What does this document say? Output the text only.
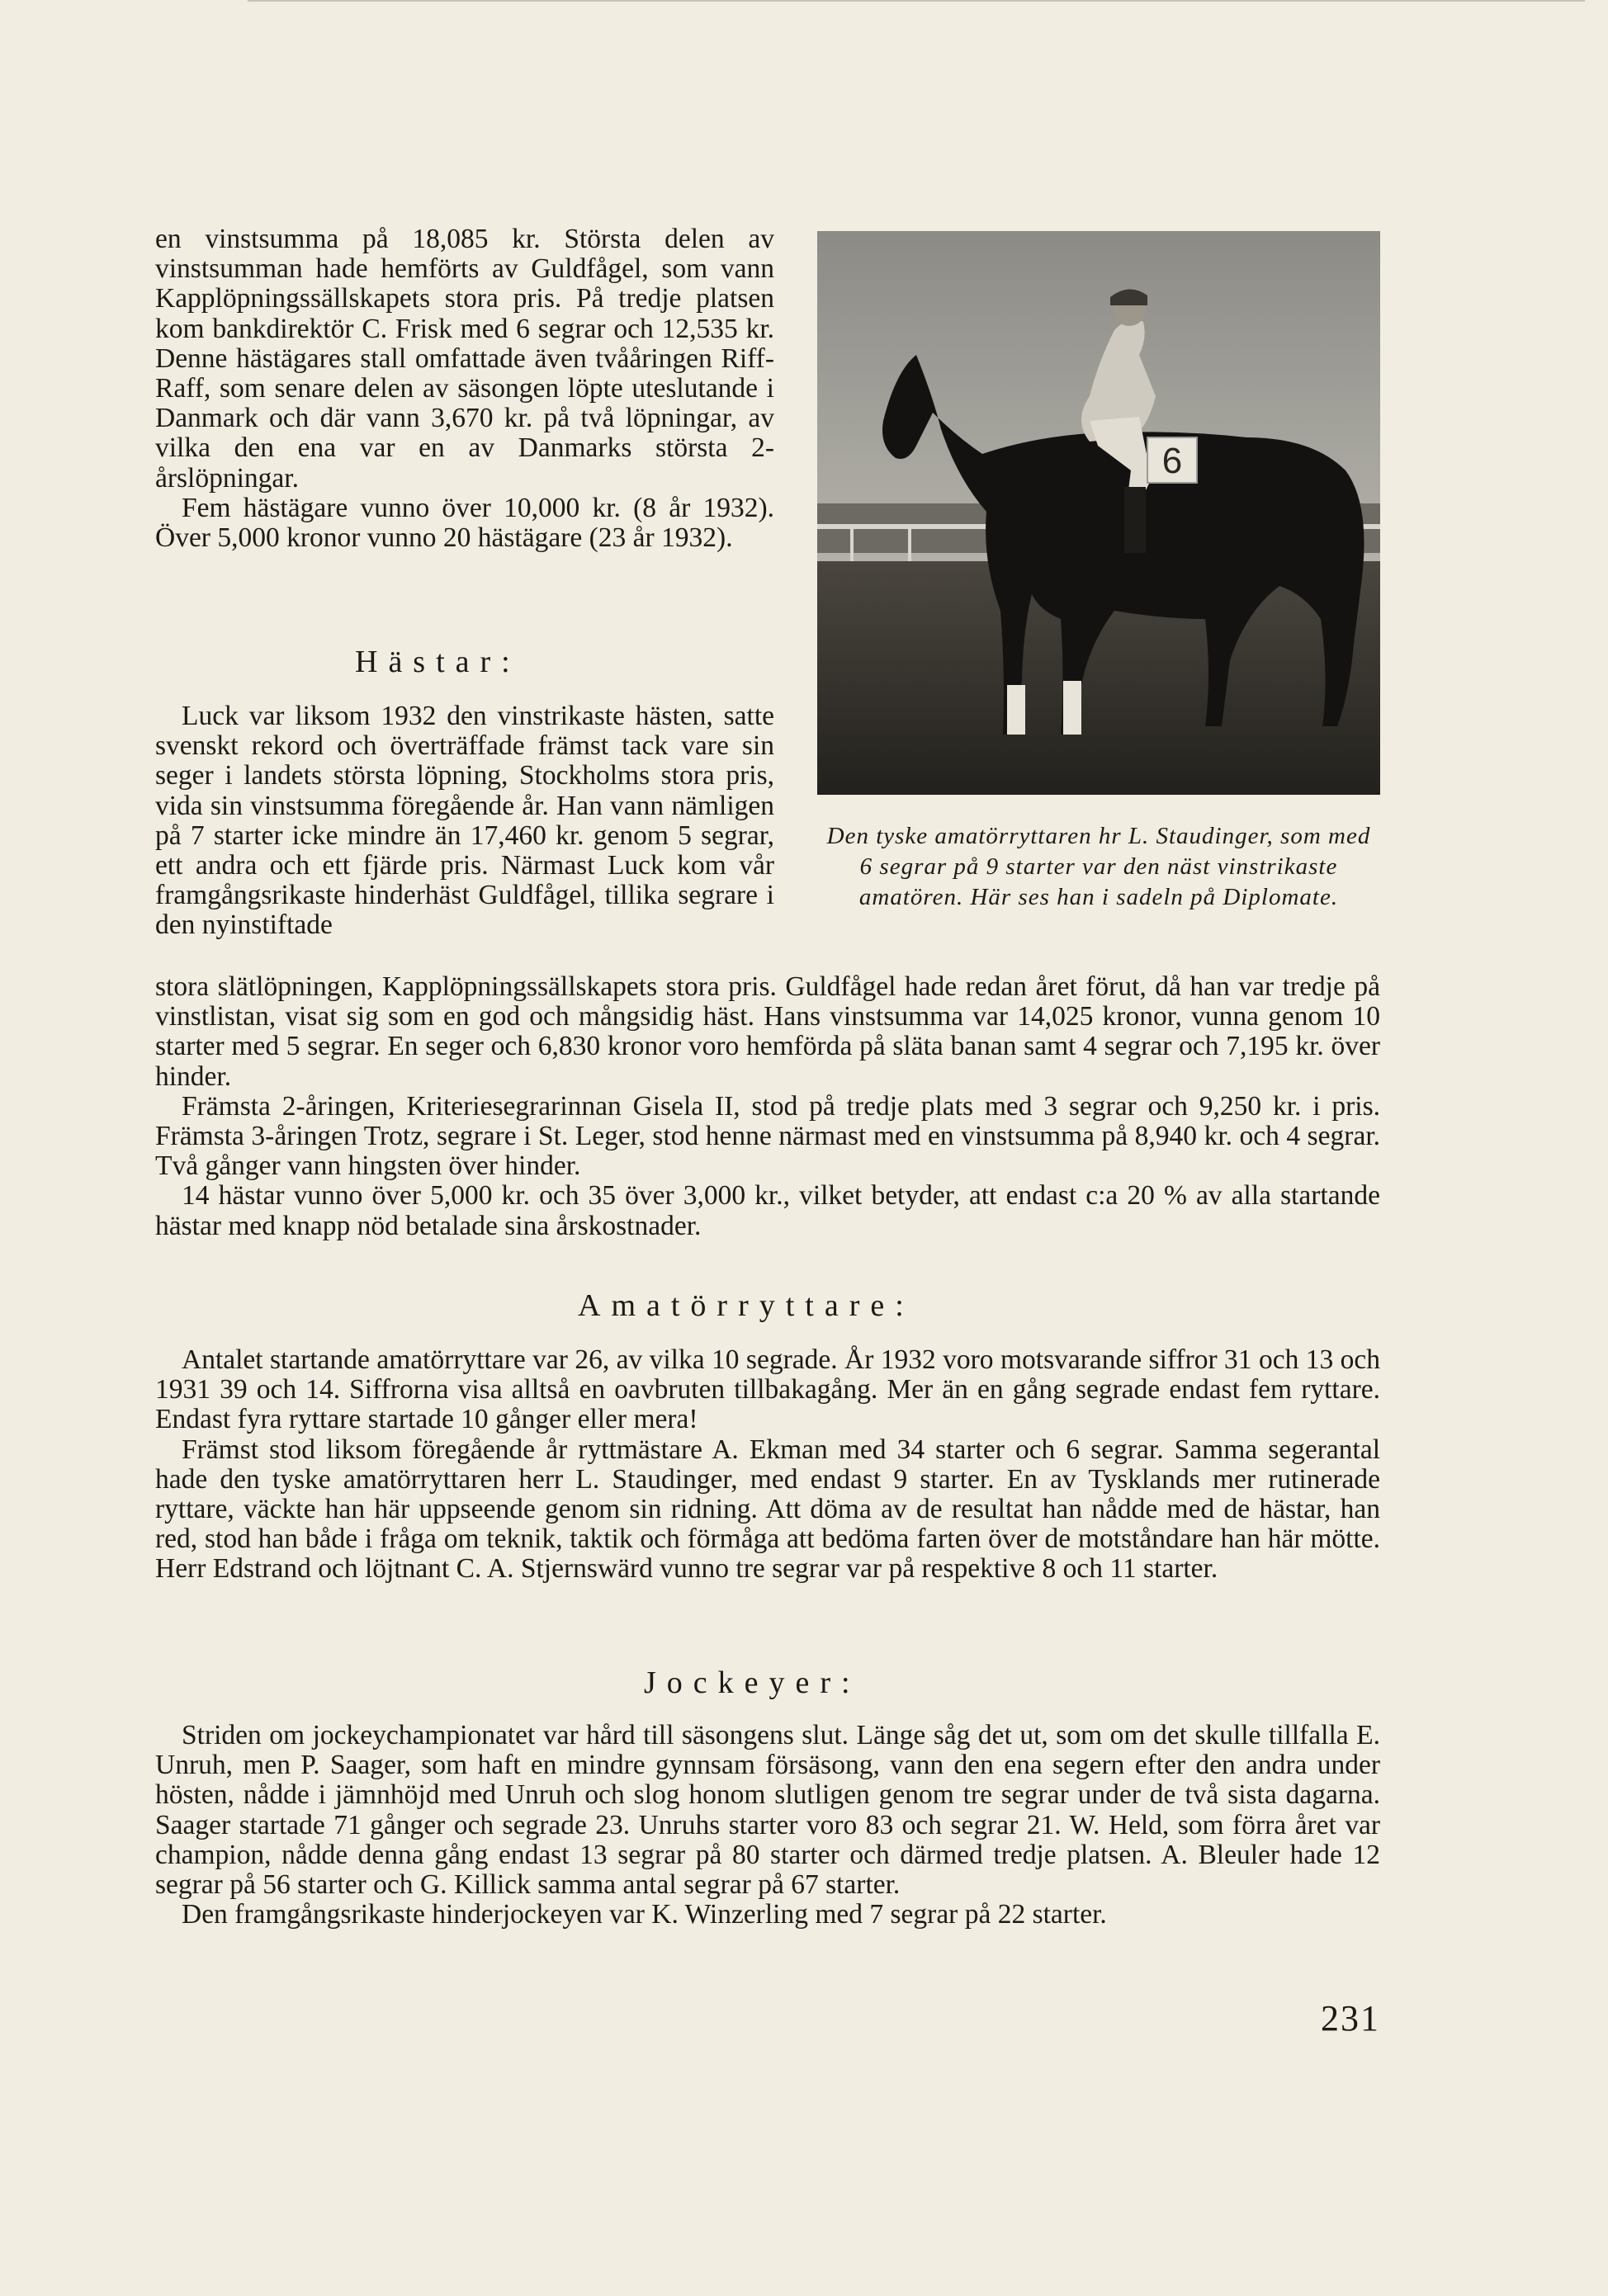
en vinstsumma på 18,085 kr. Största delen av vinstsumman hade hemförts av Guldfågel, som vann Kapplöpningssällskapets stora pris. På tredje platsen kom bankdirektör C. Frisk med 6 segrar och 12,535 kr. Denne hästägares stall omfattade även tvååringen Riff-Raff, som senare delen av säsongen löpte uteslutande i Danmark och där vann 3,670 kr. på två löpningar, av vilka den ena var en av Danmarks största 2-årslöpningar.

Fem hästägare vunno över 10,000 kr. (8 år 1932). Över 5,000 kronor vunno 20 hästägare (23 år 1932).

Hästar:

Luck var liksom 1932 den vinstrikaste hästen, satte svenskt rekord och överträffade främst tack vare sin seger i landets största löpning, Stockholms stora pris, vida sin vinstsumma föregående år. Han vann nämligen på 7 starter icke mindre än 17,460 kr. genom 5 segrar, ett andra och ett fjärde pris. Närmast Luck kom vår framgångsrikaste hinderhäst Guldfågel, tillika segrare i den nyinstiftade

6
Den tyske amatörryttaren hr L. Staudinger, som med 6 segrar på 9 starter var den näst vinstrikaste amatören. Här ses han i sadeln på Diplomate.

stora slätlöpningen, Kapplöpningssällskapets stora pris. Guldfågel hade redan året förut, då han var tredje på vinstlistan, visat sig som en god och mångsidig häst. Hans vinstsumma var 14,025 kronor, vunna genom 10 starter med 5 segrar. En seger och 6,830 kronor voro hemförda på släta banan samt 4 segrar och 7,195 kr. över hinder.

Främsta 2-åringen, Kriteriesegrarinnan Gisela II, stod på tredje plats med 3 segrar och 9,250 kr. i pris. Främsta 3-åringen Trotz, segrare i St. Leger, stod henne närmast med en vinstsumma på 8,940 kr. och 4 segrar. Två gånger vann hingsten över hinder.

14 hästar vunno över 5,000 kr. och 35 över 3,000 kr., vilket betyder, att endast c:a 20 % av alla startande hästar med knapp nöd betalade sina årskostnader.

Amatörryttare:

Antalet startande amatörryttare var 26, av vilka 10 segrade. År 1932 voro motsvarande siffror 31 och 13 och 1931 39 och 14. Siffrorna visa alltså en oavbruten tillbakagång. Mer än en gång segrade endast fem ryttare. Endast fyra ryttare startade 10 gånger eller mera!

Främst stod liksom föregående år ryttmästare A. Ekman med 34 starter och 6 segrar. Samma segerantal hade den tyske amatörryttaren herr L. Staudinger, med endast 9 starter. En av Tysklands mer rutinerade ryttare, väckte han här uppseende genom sin ridning. Att döma av de resultat han nådde med de hästar, han red, stod han både i fråga om teknik, taktik och förmåga att bedöma farten över de motståndare han här mötte. Herr Edstrand och löjtnant C. A. Stjernswärd vunno tre segrar var på respektive 8 och 11 starter.

Jockeyer:

Striden om jockeychampionatet var hård till säsongens slut. Länge såg det ut, som om det skulle tillfalla E. Unruh, men P. Saager, som haft en mindre gynnsam försäsong, vann den ena segern efter den andra under hösten, nådde i jämnhöjd med Unruh och slog honom slutligen genom tre segrar under de två sista dagarna. Saager startade 71 gånger och segrade 23. Unruhs starter voro 83 och segrar 21. W. Held, som förra året var champion, nådde denna gång endast 13 segrar på 80 starter och därmed tredje platsen. A. Bleuler hade 12 segrar på 56 starter och G. Killick samma antal segrar på 67 starter.

Den framgångsrikaste hinderjockeyen var K. Winzerling med 7 segrar på 22 starter.

231
